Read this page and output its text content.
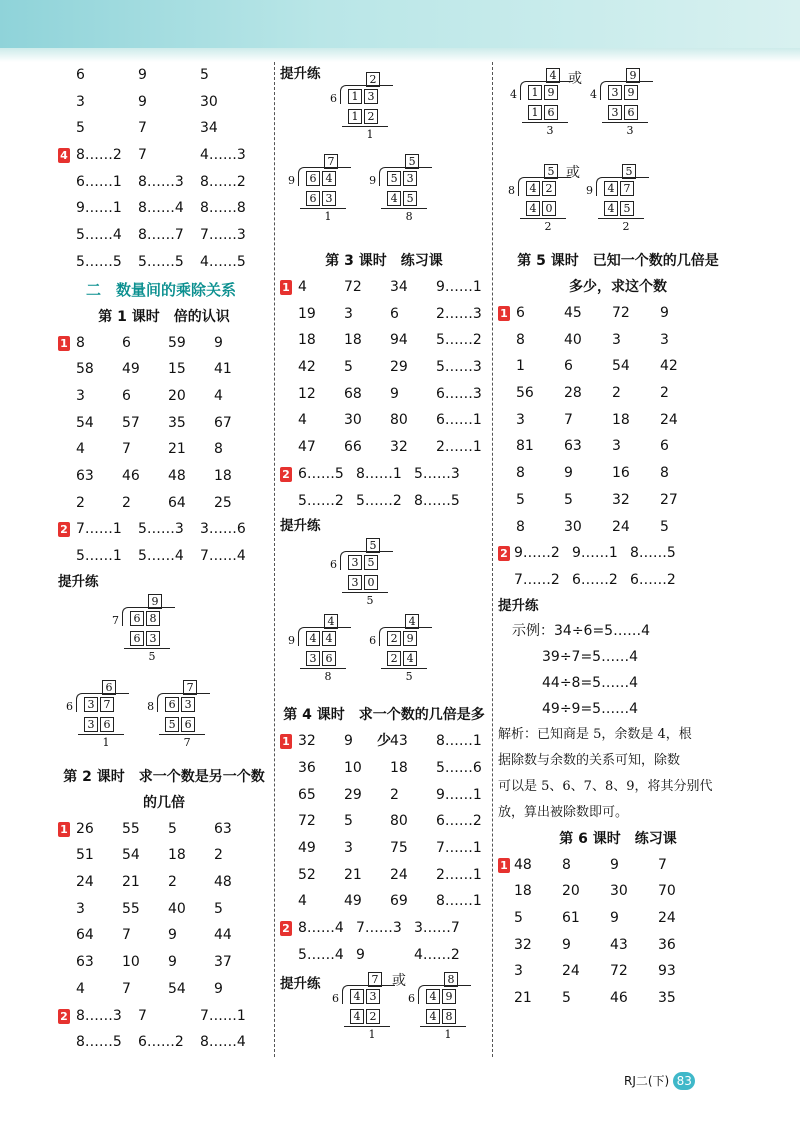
6	9	5
3	9	30
5	7	34
4 8……2 7	4……3
6……1 8……3 8……2
9……1 8……4 8……8
5……4 8……7 7……3
5……5 5……5 4……5
二　数量间的乘除关系
第 1 课时　倍的认识
1 8	6	59 9
58 49 15 41
3	6	20 4
54 57 35 67
4	7	21 8
63 46 48 18
2	2	64 25
2 7……1 5……3 3……6
5……1 5……4 7……4
提升练
9
7	6 8
6 3
5
6
6	3 7
3 6
1

7
8	6 3
5 6
7
第 2 课时　求一个数是另一个数
的几倍
1 26 55 5	63
51 54 18 2
24 21 2	48
3	55 40 5
64 7	9	44
63 10 9	37
4	7	54 9
2 8……3 7	7……1
8……5 6……2 8……4
提升练	2
6	1 3
1 2
1
7
9	6 4
6 3
1

5
9	5 3
4 5
8
第 3 课时　练习课
1 4	72 34 9……1
19 3	6	2……3
18 18 94 5……2
42 5	29 5……3
12 68 9	6……3
4	30 80 6……1
47 66 32 2……1
2 6……5 8……1 5……3
5……2 5……2 8……5
提升练
5
6	3 5
3 0
5
4
9	4 4
3 6
8

4
6	2 9
2 4
5
第 4 课时　求一个数的几倍是多少
1 32 9	43 8……1
36 10 18 5……6
65 29 2	9……1
72 5	80 6……2
49 3	75 7……1
52 21 24 2……1
4	49 69 8……1
2 8……4 7……3 3……7
5……4 9	4……2
提升练	或
7
6	4 3
4 2
1
8
6	4 9
4 8
1
或
4
4	1 9
1 6
3
9
4	3 9
3 6
3
或
5
8	4 2
4 0
2
5
9	4 7
4 5
2
第 5 课时　已知一个数的几倍是
多少，求这个数
1 6	45 72 9
8	40 3	3
1	6	54 42
56 28 2	2
3	7	18 24
81 63 3	6
8	9	16 8
5	5	32 27
8	30 24 5
2 9……2 9……1 8……5
7……2 6……2 6……2
提升练
示例：34÷6=5……4
39÷7=5……4
44÷8=5……4
49÷9=5……4
解析：已知商是 5，余数是 4，根
据除数与余数的关系可知，除数
可以是 5、6、7、8、9，将其分别代
放，算出被除数即可。
第 6 课时　练习课
1 48 8	9	7
18 20 30 70
5	61 9	24
32 9	43 36
3	24 72 93
21 5	46 35
RJ二(下) 83
